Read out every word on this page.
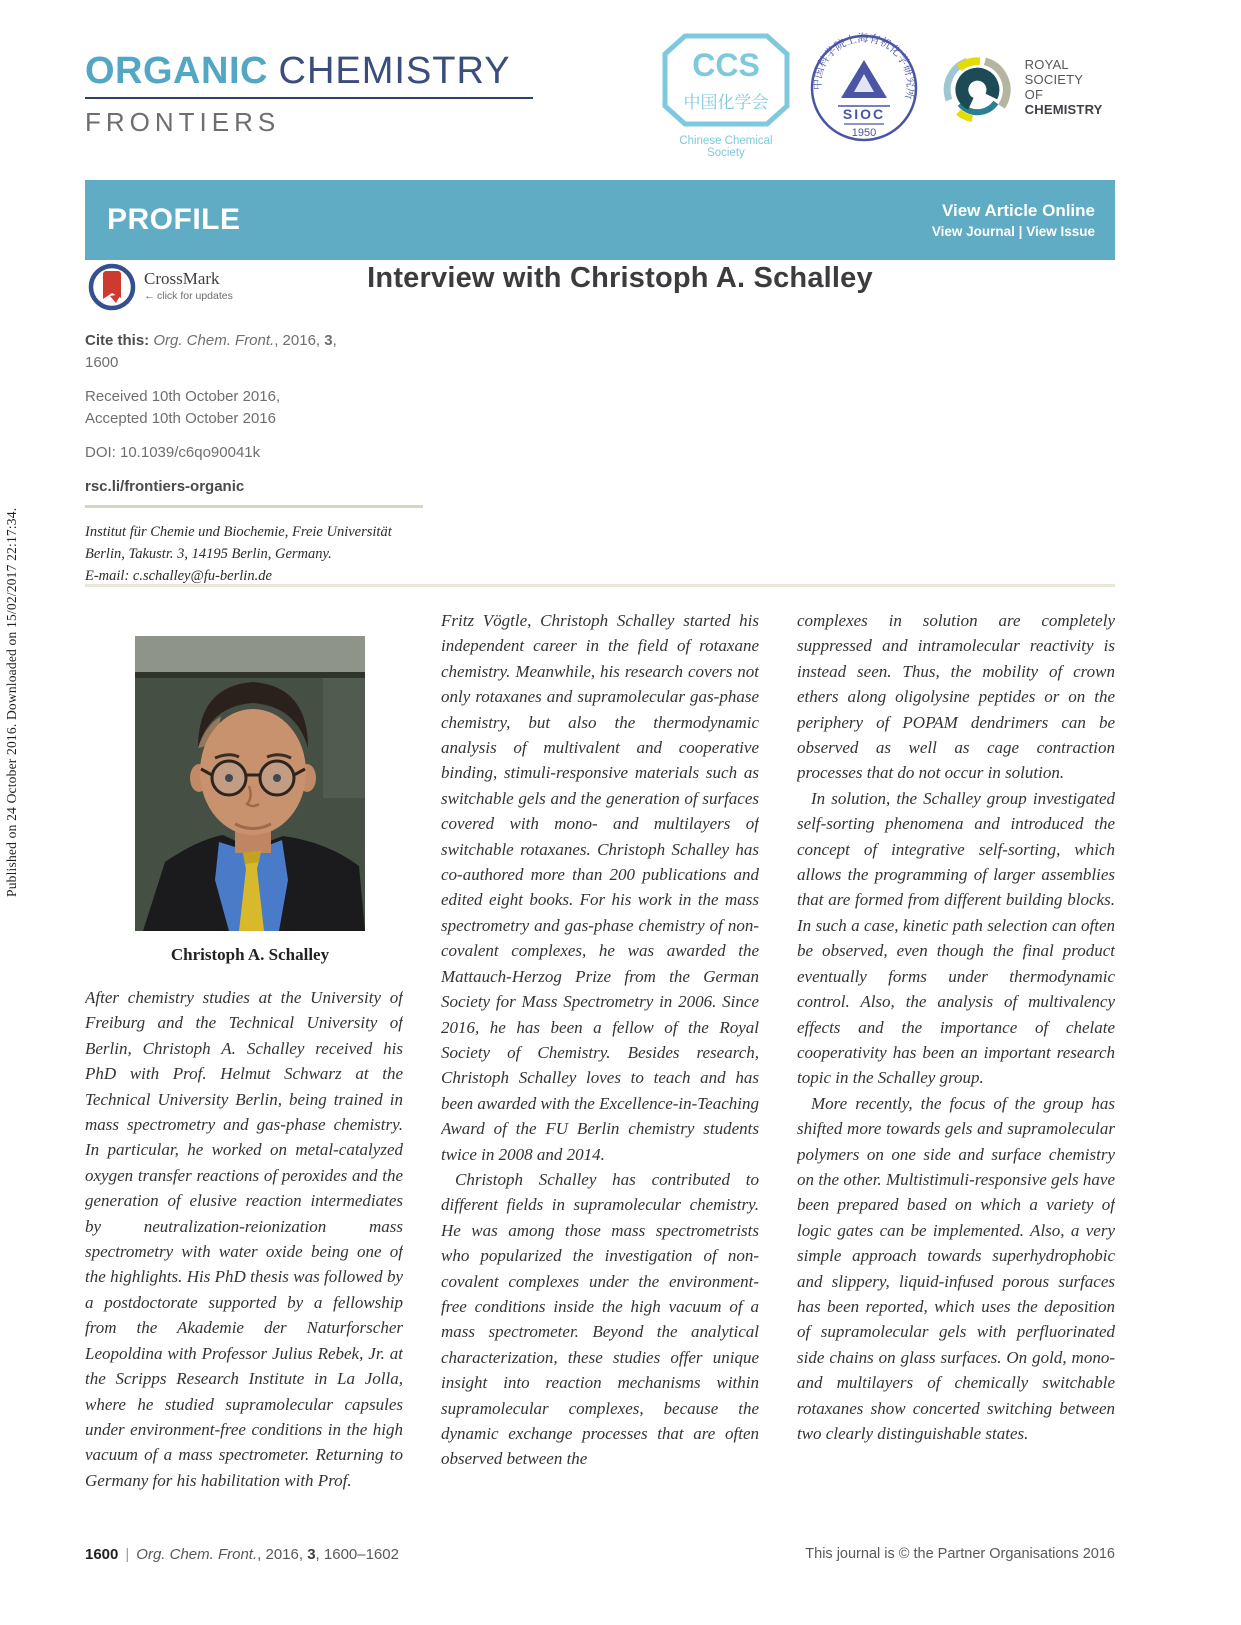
Published on 24 October 2016. Downloaded on 15/02/2017 22:17:34.
ORGANIC CHEMISTRY
FRONTIERS
CCS
中国化学会
Chinese Chemical Society
中国科学院上海有机化学研究所
SIOC
1950
ROYAL SOCIETY
OF CHEMISTRY
PROFILE	View Article Online
View Journal | View Issue
CrossMark
← click for updates
Interview with Christoph A. Schalley
Cite this: Org. Chem. Front., 2016, 3,
1600
Received 10th October 2016,
Accepted 10th October 2016
DOI: 10.1039/c6qo90041k
rsc.li/frontiers-organic
Institut für Chemie und Biochemie, Freie Universität
Berlin, Takustr. 3, 14195 Berlin, Germany.
E-mail: c.schalley@fu-berlin.de
Christoph A. Schalley

After chemistry studies at the University of Freiburg and the Technical University of Berlin, Christoph A. Schalley received his PhD with Prof. Helmut Schwarz at the Technical University Berlin, being trained in mass spectrometry and gas-phase chemistry. In particular, he worked on metal-catalyzed oxygen transfer reactions of peroxides and the generation of elusive reaction intermediates by neutralization-reionization mass spectrometry with water oxide being one of the highlights. His PhD thesis was followed by a postdoctorate supported by a fellowship from the Akademie der Naturforscher Leopoldina with Professor Julius Rebek, Jr. at the Scripps Research Institute in La Jolla, where he studied supramolecular capsules under environment-free conditions in the high vacuum of a mass spectrometer. Returning to Germany for his habilitation with Prof.

Fritz Vögtle, Christoph Schalley started his independent career in the field of rotaxane chemistry. Meanwhile, his research covers not only rotaxanes and supramolecular gas-phase chemistry, but also the thermodynamic analysis of multivalent and cooperative binding, stimuli-responsive materials such as switchable gels and the generation of surfaces covered with mono- and multilayers of switchable rotaxanes. Christoph Schalley has co-authored more than 200 publications and edited eight books. For his work in the mass spectrometry and gas-phase chemistry of non-covalent complexes, he was awarded the Mattauch-Herzog Prize from the German Society for Mass Spectrometry in 2006. Since 2016, he has been a fellow of the Royal Society of Chemistry. Besides research, Christoph Schalley loves to teach and has been awarded with the Excellence-in-Teaching Award of the FU Berlin chemistry students twice in 2008 and 2014.

Christoph Schalley has contributed to different fields in supramolecular chemistry. He was among those mass spectrometrists who popularized the investigation of non-covalent complexes under the environment-free conditions inside the high vacuum of a mass spectrometer. Beyond the analytical characterization, these studies offer unique insight into reaction mechanisms within supramolecular complexes, because the dynamic exchange processes that are often observed between the

complexes in solution are completely suppressed and intramolecular reactivity is instead seen. Thus, the mobility of crown ethers along oligolysine peptides or on the periphery of POPAM dendrimers can be observed as well as cage contraction processes that do not occur in solution.

In solution, the Schalley group investigated self-sorting phenomena and introduced the concept of integrative self-sorting, which allows the programming of larger assemblies that are formed from different building blocks. In such a case, kinetic path selection can often be observed, even though the final product eventually forms under thermodynamic control. Also, the analysis of multivalency effects and the importance of chelate cooperativity has been an important research topic in the Schalley group.

More recently, the focus of the group has shifted more towards gels and supramolecular polymers on one side and surface chemistry on the other. Multistimuli-responsive gels have been prepared based on which a variety of logic gates can be implemented. Also, a very simple approach towards superhydrophobic and slippery, liquid-infused porous surfaces has been reported, which uses the deposition of supramolecular gels with perfluorinated side chains on glass surfaces. On gold, mono- and multilayers of chemically switchable rotaxanes show concerted switching between two clearly distinguishable states.

1600 | Org. Chem. Front., 2016, 3, 1600–1602	This journal is © the Partner Organisations 2016
